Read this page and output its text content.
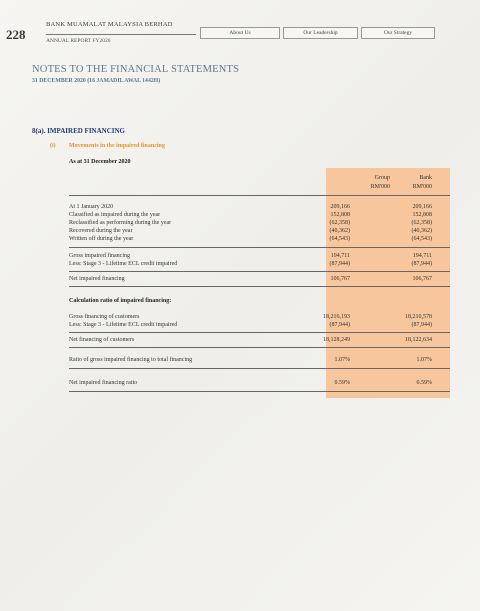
228
BANK MUAMALAT MALAYSIA BERHAD
ANNUAL REPORT FY2020
About Us	Our Leadership	Our Strategy
NOTES TO THE FINANCIAL STATEMENTS
31 DECEMBER 2020 (16 JAMADIL AWAL 1442H)
8(a). IMPAIRED FINANCING
(i) Movements in the impaired financing
As at 31 December 2020
Group
RM'000
Bank
RM'000
At 1 January 2020	209,166	209,166
Classified as impaired during the year	152,808	152,808
Reclassified as performing during the year	(62,358)	(62,358)
Recovered during the year	(40,362)	(40,362)
Written off during the year	(64,543)	(64,543)
Gross impaired financing	194,711	194,711
Less: Stage 3 - Lifetime ECL credit impaired	(87,944)	(87,944)
Net impaired financing	106,767	106,767
Calculation ratio of impaired financing:
Gross financing of customers	18,216,193	18,210,578
Less: Stage 3 - Lifetime ECL credit impaired	(87,944)	(87,944)
Net financing of customers	18,128,249	18,122,634
Ratio of gross impaired financing to total financing	1.07%	1.07%
Net impaired financing ratio	0.59%	0.59%
